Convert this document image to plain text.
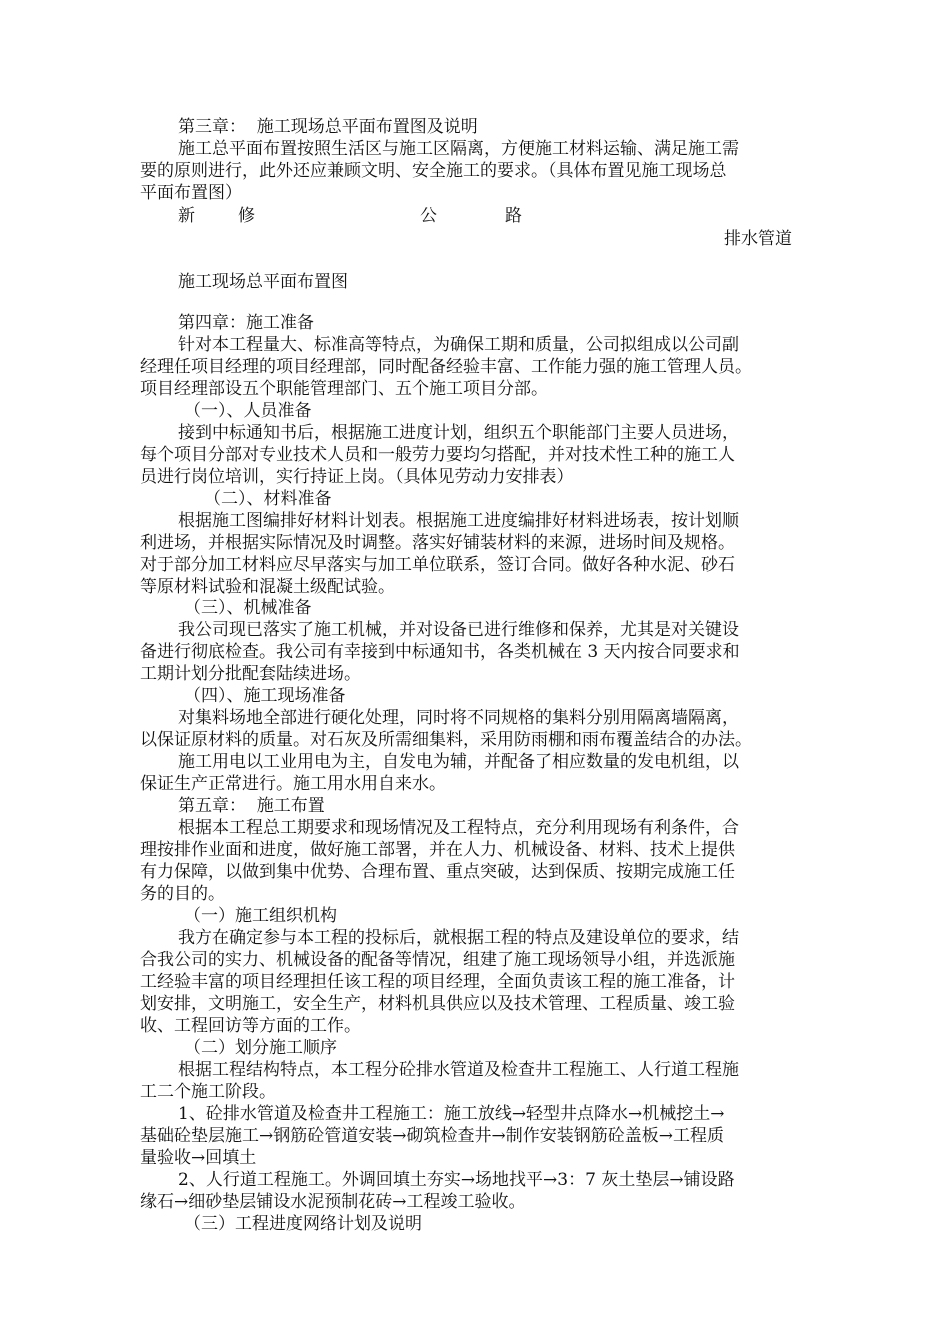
第三章：  施工现场总平面布置图及说明
施工总平面布置按照生活区与施工区隔离，方便施工材料运输、满足施工需
要的原则进行，此外还应兼顾文明、安全施工的要求。（具体布置见施工现场总
平面布置图）
新	修	公	路
排水管道
施工现场总平面布置图
第四章：施工准备
针对本工程量大、标准高等特点，为确保工期和质量，公司拟组成以公司副
经理任项目经理的项目经理部，同时配备经验丰富、工作能力强的施工管理人员。
项目经理部设五个职能管理部门、五个施工项目分部。
（一）、人员准备
接到中标通知书后，根据施工进度计划，组织五个职能部门主要人员进场，
每个项目分部对专业技术人员和一般劳力要均匀搭配，并对技术性工种的施工人
员进行岗位培训，实行持证上岗。（具体见劳动力安排表）
（二）、材料准备
根据施工图编排好材料计划表。根据施工进度编排好材料进场表，按计划顺
利进场，并根据实际情况及时调整。落实好铺装材料的来源，进场时间及规格。
对于部分加工材料应尽早落实与加工单位联系，签订合同。做好各种水泥、砂石
等原材料试验和混凝土级配试验。
（三）、机械准备
我公司现已落实了施工机械，并对设备已进行维修和保养，尤其是对关键设
备进行彻底检查。我公司有幸接到中标通知书，各类机械在 3 天内按合同要求和
工期计划分批配套陆续进场。
（四）、施工现场准备
对集料场地全部进行硬化处理，同时将不同规格的集料分别用隔离墙隔离，
以保证原材料的质量。对石灰及所需细集料，采用防雨棚和雨布覆盖结合的办法。
施工用电以工业用电为主，自发电为辅，并配备了相应数量的发电机组，以
保证生产正常进行。施工用水用自来水。
第五章：  施工布置
根据本工程总工期要求和现场情况及工程特点，充分利用现场有利条件，合
理按排作业面和进度，做好施工部署，并在人力、机械设备、材料、技术上提供
有力保障，以做到集中优势、合理布置、重点突破，达到保质、按期完成施工任
务的目的。
（一）施工组织机构
我方在确定参与本工程的投标后，就根据工程的特点及建设单位的要求，结
合我公司的实力、机械设备的配备等情况，组建了施工现场领导小组，并选派施
工经验丰富的项目经理担任该工程的项目经理，全面负责该工程的施工准备，计
划安排，文明施工，安全生产，材料机具供应以及技术管理、工程质量、竣工验
收、工程回访等方面的工作。
（二）划分施工顺序
根据工程结构特点，本工程分砼排水管道及检查井工程施工、人行道工程施
工二个施工阶段。
1、砼排水管道及检查井工程施工：施工放线→轻型井点降水→机械挖土→
基础砼垫层施工→钢筋砼管道安装→砌筑检查井→制作安装钢筋砼盖板→工程质
量验收→回填土
2、人行道工程施工。外调回填土夯实→场地找平→3：7 灰土垫层→铺设路
缘石→细砂垫层铺设水泥预制花砖→工程竣工验收。
（三）工程进度网络计划及说明
